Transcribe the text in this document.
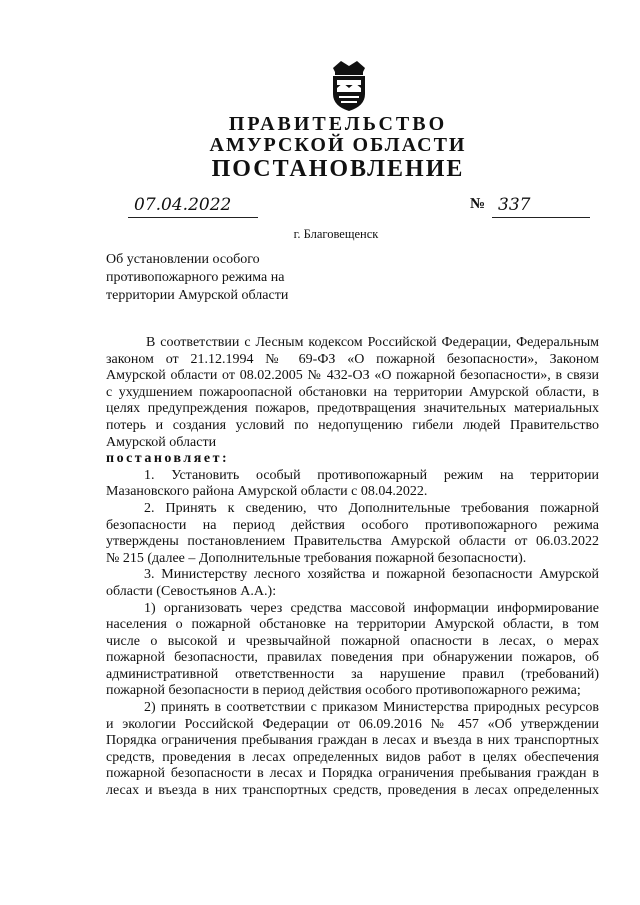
ПРАВИТЕЛЬСТВО
АМУРСКОЙ ОБЛАСТИ
ПОСТАНОВЛЕНИЕ
07.04.2022	№ 337
г. Благовещенск
Об установлении особого
противопожарного режима на
территории Амурской области
В соответствии с Лесным кодексом Российской Федерации, Федеральным
законом от 21.12.1994 № 69-ФЗ «О пожарной безопасности», Законом
Амурской области от 08.02.2005 № 432-ОЗ «О пожарной безопасности», в связи
с ухудшением пожароопасной обстановки на территории Амурской области, в
целях предупреждения пожаров, предотвращения значительных материальных
потерь и создания условий по недопущению гибели людей Правительство
Амурской области
постановляет:
1. Установить особый противопожарный режим на территории
Мазановского района Амурской области с 08.04.2022.
2. Принять к сведению, что Дополнительные требования пожарной
безопасности на период действия особого противопожарного режима
утверждены постановлением Правительства Амурской области от 06.03.2022
№ 215 (далее – Дополнительные требования пожарной безопасности).
3. Министерству лесного хозяйства и пожарной безопасности Амурской
области (Севостьянов А.А.):
1) организовать через средства массовой информации информирование
населения о пожарной обстановке на территории Амурской области, в том
числе о высокой и чрезвычайной пожарной опасности в лесах, о мерах
пожарной безопасности, правилах поведения при обнаружении пожаров, об
административной ответственности за нарушение правил (требований)
пожарной безопасности в период действия особого противопожарного режима;
2) принять в соответствии с приказом Министерства природных ресурсов
и экологии Российской Федерации от 06.09.2016 № 457 «Об утверждении
Порядка ограничения пребывания граждан в лесах и въезда в них транспортных
средств, проведения в лесах определенных видов работ в целях обеспечения
пожарной безопасности в лесах и Порядка ограничения пребывания граждан в
лесах и въезда в них транспортных средств, проведения в лесах определенных
